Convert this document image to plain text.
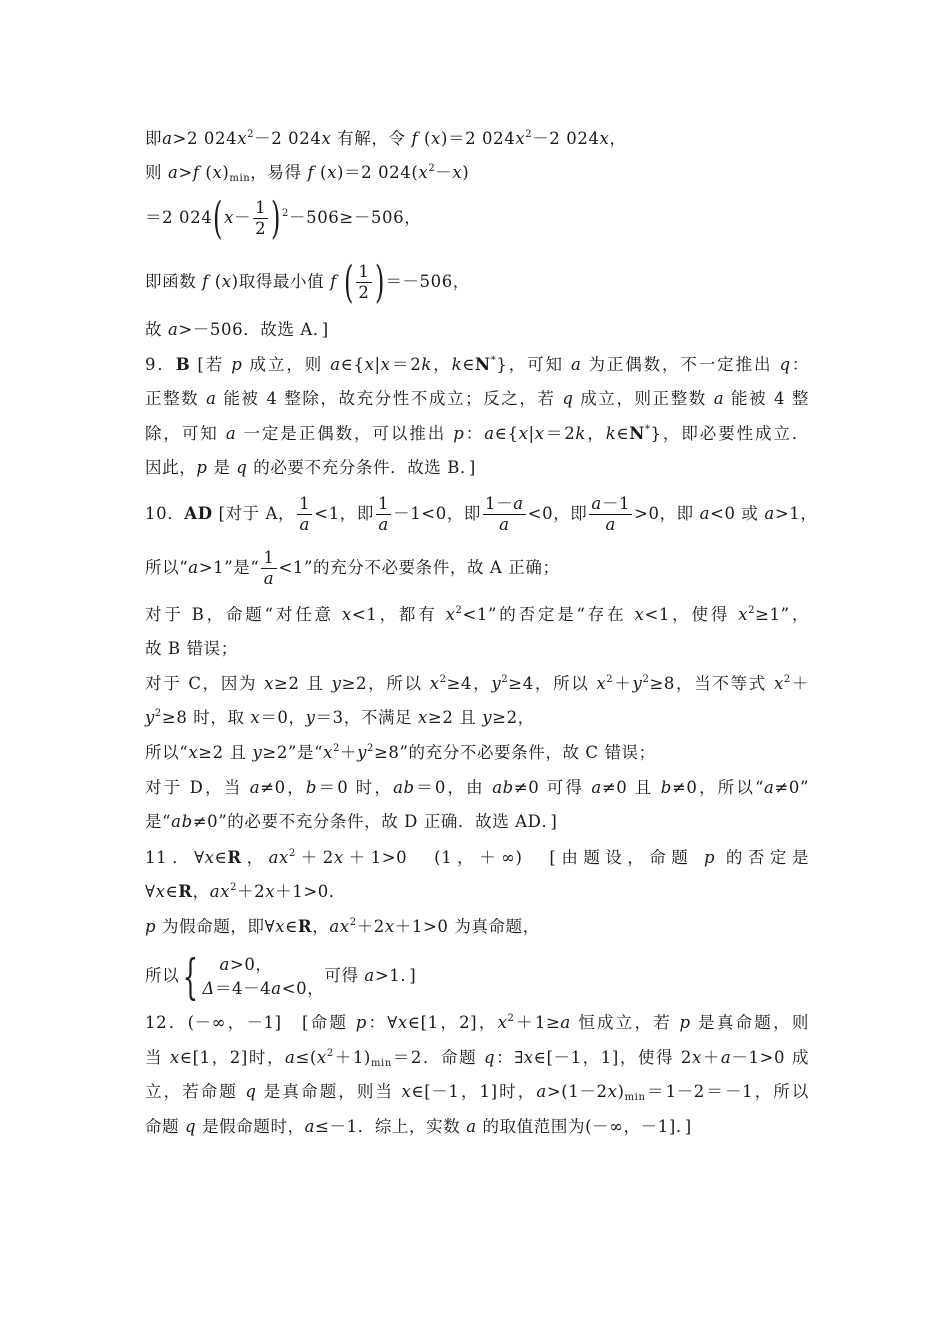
即a>2 $024x^2-2$ 024x 有解，令 f (x)＝2 $024x^2-2$ 024x，
则 a>f $(x)_{min}$，易得 f (x)＝2 $024(x^2-x)$
＝2 $024(x- \frac{1}{2} )^2-506\ge-506$，
即函数 f (x)取得最小值 f ( $\frac{1}{2} )=-506$，
故 a>－506．故选 A．]
9．B [若 p 成立，则 a∈{x|x＝2k，k∈N*}，可知 a 为正偶数，不一定推出 q：
正整数 a 能被 4 整除，故充分性不成立；反之，若 q 成立，则正整数 a 能被 4 整
除，可知 a 一定是正偶数，可以推出 p：a∈{x|x＝2k，k∈N*}，即必要性成立．
因此，p 是 q 的必要不充分条件．故选 B．]
10．AD [对于 A， $\frac{1}{a} <1$，即 $\frac{1}{a} -1<0$，即 $\frac{1-a}{a} <0$，即 $\frac{a-1}{a} >0$，即 a<0 或 a>1，
所以“a>1”是“ $\frac{1}{a} <1$”的充分不必要条件，故 A 正确；
对于 B，命题“对任意 x<1，都有 $x^2<1$”的否定是“存在 x<1，使得 $x^2\ge 1$”，
故 B 错误；
对于 C，因为 x≥2 且 y≥2，所以 $x^2\ge 4$，$y^2\ge 4$，所以 $x^2+y^2\ge 8$，当不等式 $x^2+$
$y^2\ge 8$ 时，取 x＝0，y＝3，不满足 x≥2 且 y≥2，
所以“x≥2 且 y≥2”是“$x^2+y^2\ge 8$”的充分不必要条件，故 C 错误；
对于 D，当 a≠0，b＝0 时，ab＝0，由 ab≠0 可得 a≠0 且 b≠0，所以“a≠0”
是“ab≠0”的必要不充分条件，故 D 正确．故选 AD．]
11．∀x∈R，$ax^2+2x+1>0$　(1，＋∞)　[由题设，命题 p 的否定是
∀x∈R，$ax^2+2x+1>0$．
p 为假命题，即∀x∈R，$ax^2+2x+1>0$ 为真命题，
所以{
　	a>0，
Δ＝4－4a<0，
可得 a>1．]
12．(－∞，－1]　[命题 p：∀x∈[1，2]，$x^2+1\ge a$ 恒成立，若 p 是真命题，则
当 x∈[1，2]时，$a\le(x^2+1)_{min}=2$．命题 q：∃x∈[－1，1]，使得 2x＋a－1>0 成
立，若命题 q 是真命题，则当 x∈[－1，1]时，$a>(1-2x)_{min}=1-2=-1$，所以
命题 q 是假命题时，a≤－1．综上，实数 a 的取值范围为(－∞，－1]．]
